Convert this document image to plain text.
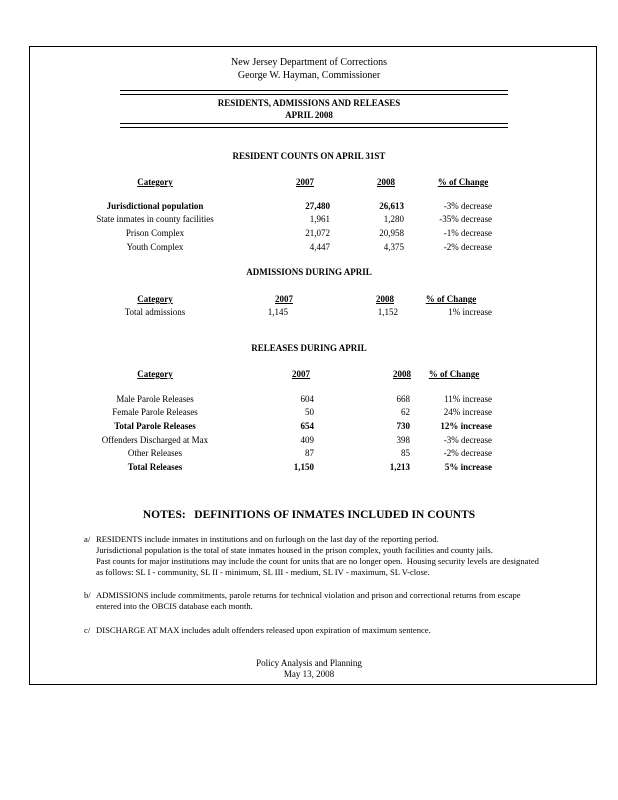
New Jersey Department of Corrections
George W. Hayman, Commissioner
RESIDENTS, ADMISSIONS AND RELEASES
APRIL 2008
RESIDENT COUNTS ON APRIL 31ST
Category	2007	2008	% of Change
Jurisdictional population	27,480	26,613	-3% decrease
State inmates in county facilities	1,961	1,280	-35% decrease
Prison Complex	21,072	20,958	-1% decrease
Youth Complex	4,447	4,375	-2% decrease
ADMISSIONS DURING APRIL
Category	2007	2008	% of Change
Total admissions	1,145	1,152	1% increase
RELEASES DURING APRIL
Category	2007	2008	% of Change
Male Parole Releases	604	668	11% increase
Female Parole Releases	50	62	24% increase
Total Parole Releases	654	730	12% increase
Offenders Discharged at Max	409	398	-3% decrease
Other Releases	87	85	-2% decrease
Total Releases	1,150	1,213	5% increase
NOTES:   DEFINITIONS OF INMATES INCLUDED IN COUNTS
a/ RESIDENTS include inmates in institutions and on furlough on the last day of the reporting period.
Jurisdictional population is the total of state inmates housed in the prison complex, youth facilities and county jails.
Past counts for major institutions may include the count for units that are no longer open.  Housing security levels are designated
as follows: SL I - community, SL II - minimum, SL III - medium, SL IV - maximum, SL V-close.
b/ ADMISSIONS include commitments, parole returns for technical violation and prison and correctional returns from escape
entered into the OBCIS database each month.
c/ DISCHARGE AT MAX includes adult offenders released upon expiration of maximum sentence.
Policy Analysis and Planning
May 13, 2008
